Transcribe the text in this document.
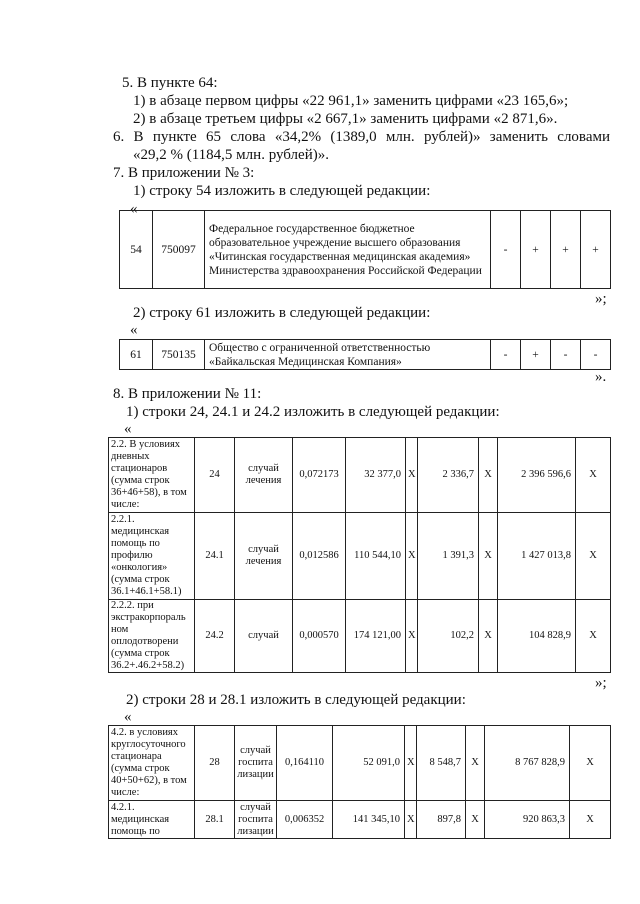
5. В пункте 64:
1) в абзаце первом цифры «22 961,1» заменить цифрами «23 165,6»;
2) в абзаце третьем цифры «2 667,1» заменить цифрами «2 871,6».
6. В пункте 65 слова «34,2% (1389,0 млн. рублей)» заменить словами
«29,2 % (1184,5 млн. рублей)».
7. В приложении № 3:
1) строку 54 изложить в следующей редакции:
«
54	750097	Федеральное государственное бюджетное образовательное учреждение высшего образования «Читинская государственная медицинская академия» Министерства здравоохранения Российской Федерации	-	+	+	+
»;
2) строку 61 изложить в следующей редакции:
«
61	750135	Общество с ограниченной ответственностью «Байкальская Медицинская Компания»	-	+	-	-
».
8. В приложении № 11:
1) строки 24, 24.1 и 24.2 изложить в следующей редакции:
«
2.2. В условиях дневных стационаров (сумма строк 36+46+58), в том числе:	24	случай лечения	0,072173	32 377,0	Х	2 336,7	Х	2 396 596,6	Х
2.2.1. медицинская помощь по профилю «онкология» (сумма строк 36.1+46.1+58.1)	24.1	случай лечения	0,012586	110 544,10	Х	1 391,3	Х	1 427 013,8	Х
2.2.2. при экстракорпораль ном оплодотворени (сумма строк 36.2+.46.2+58.2)	24.2	случай	0,000570	174 121,00	Х	102,2	Х	104 828,9	Х
»;
2) строки 28 и 28.1 изложить в следующей редакции:
«
4.2. в условиях круглосуточного стационара (сумма строк 40+50+62), в том числе:	28	случай госпита лизации	0,164110	52 091,0	Х	8 548,7	Х	8 767 828,9	Х
4.2.1. медицинская помощь по	28.1	случай госпита лизации	0,006352	141 345,10	Х	897,8	Х	920 863,3	Х
